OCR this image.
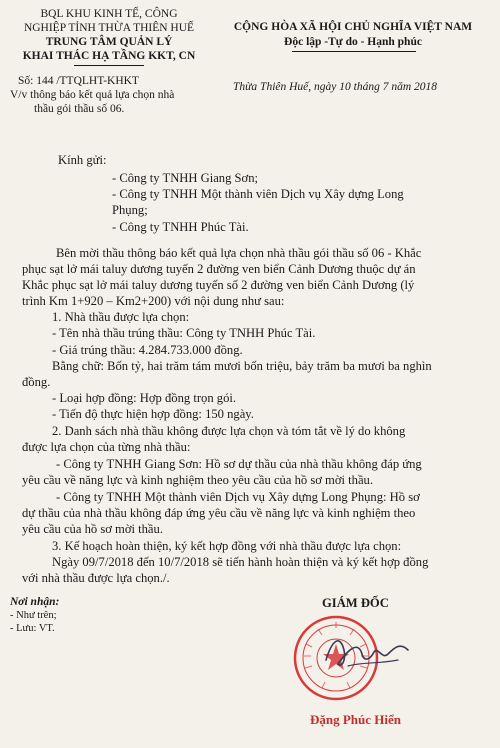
BQL KHU KINH TẾ, CÔNG
NGHIỆP TỈNH THỪA THIÊN HUẾ
TRUNG TÂM QUẢN LÝ
KHAI THÁC HẠ TẦNG KKT, CN
Số: 144 /TTQLHT-KHKT
V/v thông báo kết quả lựa chọn nhà
thầu gói thầu số 06.
CỘNG HÒA XÃ HỘI CHỦ NGHĨA VIỆT NAM
Độc lập -Tự do - Hạnh phúc
Thừa Thiên Huế, ngày 10 tháng 7 năm 2018
Kính gửi:
- Công ty TNHH Giang Sơn;
- Công ty TNHH Một thành viên Dịch vụ Xây dựng Long
Phụng;
- Công ty TNHH Phúc Tài.
Bên mời thầu thông báo kết quả lựa chọn nhà thầu gói thầu số 06 - Khắc
phục sạt lở mái taluy dương tuyến 2 đường ven biển Cảnh Dương thuộc dự án
Khắc phục sạt lở mái taluy dương tuyến số 2 đường ven biển Cảnh Dương (lý
trình Km 1+920 – Km2+200) với nội dung như sau:
1. Nhà thầu được lựa chọn:
- Tên nhà thầu trúng thầu: Công ty TNHH Phúc Tài.
- Giá trúng thầu: 4.284.733.000 đồng.
Bằng chữ: Bốn tỷ, hai trăm tám mươi bốn triệu, bảy trăm ba mươi ba nghìn
đồng.
- Loại hợp đồng: Hợp đồng trọn gói.
- Tiến độ thực hiện hợp đồng: 150 ngày.
2. Danh sách nhà thầu không được lựa chọn và tóm tắt về lý do không
được lựa chọn của từng nhà thầu:
- Công ty TNHH Giang Sơn: Hồ sơ dự thầu của nhà thầu không đáp ứng
yêu cầu về năng lực và kinh nghiệm theo yêu cầu của hồ sơ mời thầu.
- Công ty TNHH Một thành viên Dịch vụ Xây dựng Long Phụng: Hồ sơ
dự thầu của nhà thầu không đáp ứng yêu cầu về năng lực và kinh nghiệm theo
yêu cầu của hồ sơ mời thầu.
3. Kế hoạch hoàn thiện, ký kết hợp đồng với nhà thầu được lựa chọn:
Ngày 09/7/2018 đến 10/7/2018 sẽ tiến hành hoàn thiện và ký kết hợp đồng
với nhà thầu được lựa chọn./.
Nơi nhận:
- Như trên;
- Lưu: VT.
GIÁM ĐỐC
Đặng Phúc Hiển
